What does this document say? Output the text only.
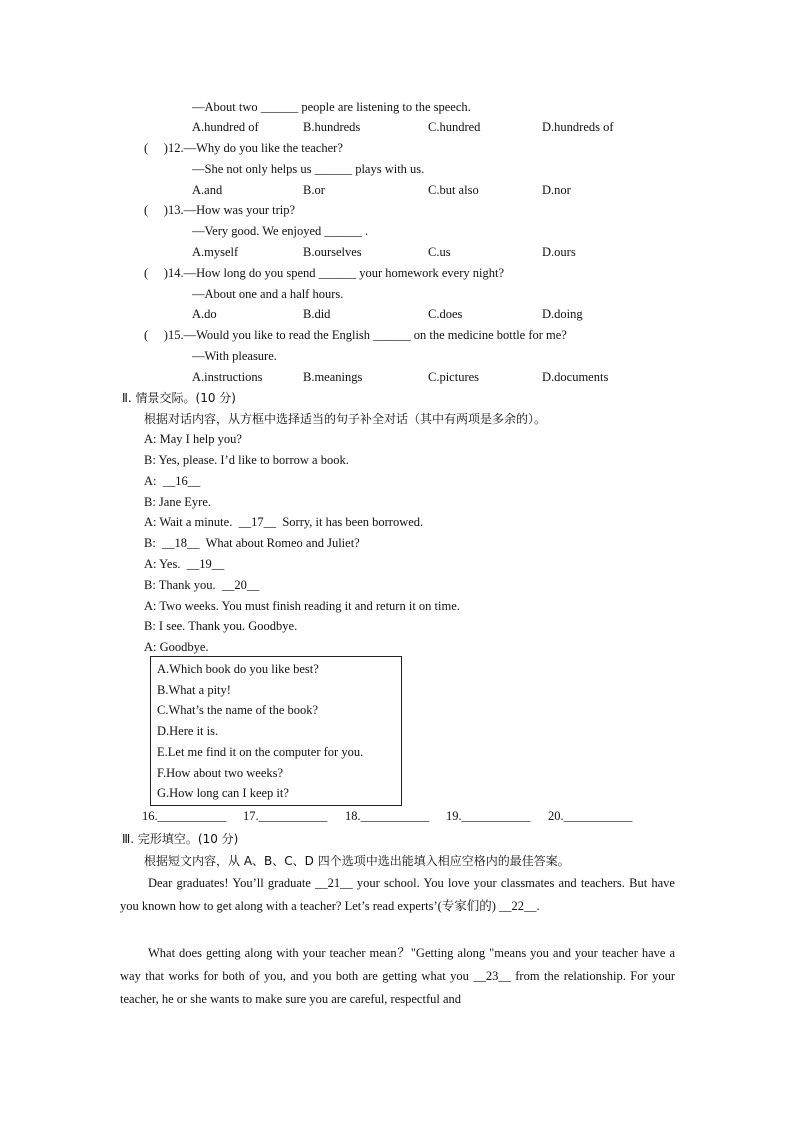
—About two ______ people are listening to the speech.

A.hundred of

	B.hundreds

	C.hundred

	D.hundreds of

(     )12.—Why do you like the teacher?
—She not only helps us ______ plays with us.

A.and

	B.or

	C.but also

	D.nor

(     )13.—How was your trip?
—Very good. We enjoyed ______ .

A.myself

	B.ourselves

	C.us

	D.ours

(     )14.—How long do you spend ______ your homework every night?
—About one and a half hours.

A.do

	B.did

	C.does

	D.doing

(     )15.—Would you like to read the English ______ on the medicine bottle for me?
—With pleasure.

A.instructions

	B.meanings

	C.pictures

	D.documents

Ⅱ. 情景交际。(10 分)
根据对话内容，从方框中选择适当的句子补全对话（其中有两项是多余的）。
A: May I help you?
B: Yes, please. I’d like to borrow a book.
A:  __16__
B: Jane Eyre.
A: Wait a minute.  __17__  Sorry, it has been borrowed.
B:  __18__  What about Romeo and Juliet?
A: Yes.  __19__
B: Thank you.  __20__
A: Two weeks. You must finish reading it and return it on time.
B: I see. Thank you. Goodbye.
A: Goodbye.
A.Which book do you like best?
B.What a pity!
C.What’s the name of the book?
D.Here it is.
E.Let me find it on the computer for you.
F.How about two weeks?
G.How long can I keep it?

16.___________

17.___________

18.___________

19.___________

20.___________

Ⅲ. 完形填空。(10 分)
根据短文内容，从 A、B、C、D 四个选项中选出能填入相应空格内的最佳答案。

Dear graduates! You’ll graduate __21__ your school. You love your classmates and teachers. But have you known how to get along with a teacher? Let’s read experts’(专家们的) __22__.

What does getting along with your teacher mean？"Getting along "means you and your teacher have a way that works for both of you, and you both are getting what you __23__ from the relationship. For your teacher, he or she wants to make sure you are careful, respectful and
